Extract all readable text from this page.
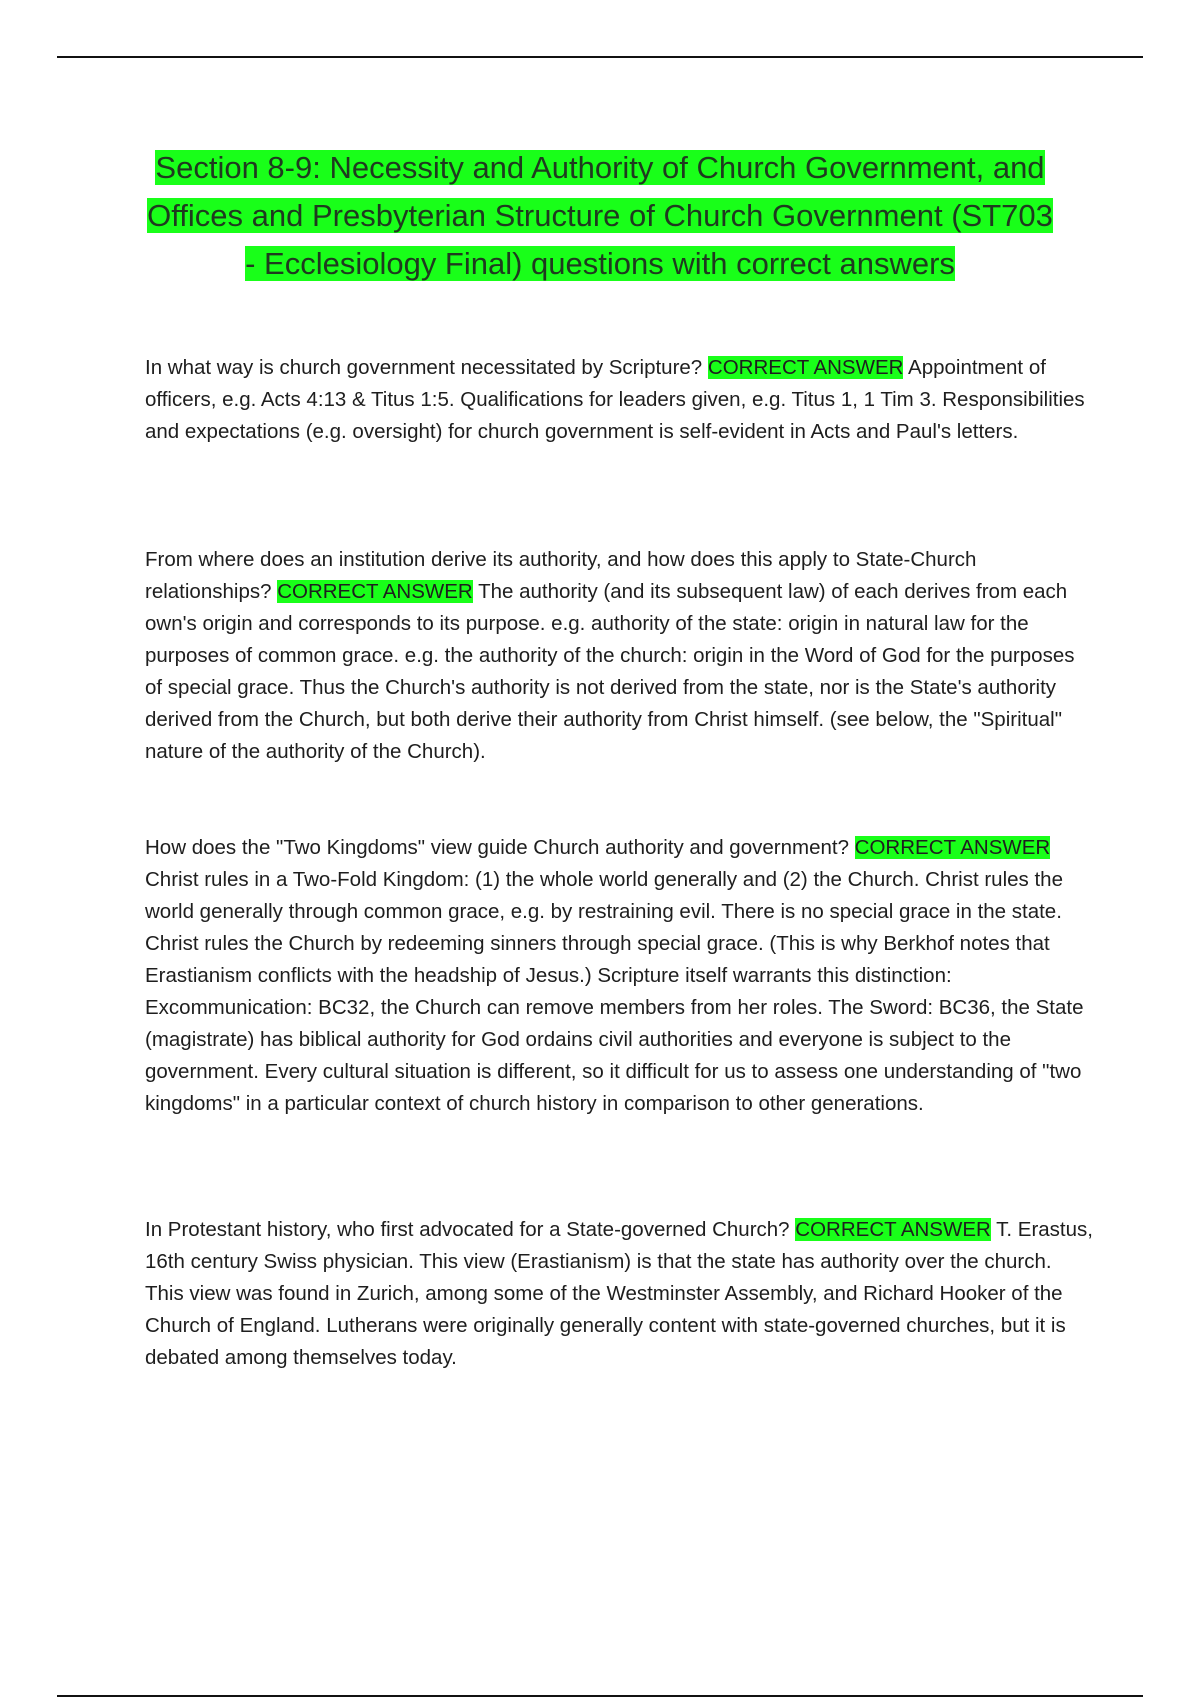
Section 8-9: Necessity and Authority of Church Government, and Offices and Presbyterian Structure of Church Government (ST703 - Ecclesiology Final) questions with correct answers

In what way is church government necessitated by Scripture? CORRECT ANSWER Appointment of officers, e.g. Acts 4:13 & Titus 1:5. Qualifications for leaders given, e.g. Titus 1, 1 Tim 3. Responsibilities and expectations (e.g. oversight) for church government is self-evident in Acts and Paul's letters.

From where does an institution derive its authority, and how does this apply to State-Church relationships? CORRECT ANSWER The authority (and its subsequent law) of each derives from each own's origin and corresponds to its purpose. e.g. authority of the state: origin in natural law for the purposes of common grace. e.g. the authority of the church: origin in the Word of God for the purposes of special grace. Thus the Church's authority is not derived from the state, nor is the State's authority derived from the Church, but both derive their authority from Christ himself. (see below, the "Spiritual" nature of the authority of the Church).

How does the "Two Kingdoms" view guide Church authority and government? CORRECT ANSWER Christ rules in a Two-Fold Kingdom: (1) the whole world generally and (2) the Church. Christ rules the world generally through common grace, e.g. by restraining evil. There is no special grace in the state. Christ rules the Church by redeeming sinners through special grace. (This is why Berkhof notes that Erastianism conflicts with the headship of Jesus.) Scripture itself warrants this distinction: Excommunication: BC32, the Church can remove members from her roles. The Sword: BC36, the State (magistrate) has biblical authority for God ordains civil authorities and everyone is subject to the government. Every cultural situation is different, so it difficult for us to assess one understanding of "two kingdoms" in a particular context of church history in comparison to other generations.

In Protestant history, who first advocated for a State-governed Church? CORRECT ANSWER T. Erastus, 16th century Swiss physician. This view (Erastianism) is that the state has authority over the church. This view was found in Zurich, among some of the Westminster Assembly, and Richard Hooker of the Church of England. Lutherans were originally generally content with state-governed churches, but it is debated among themselves today.
